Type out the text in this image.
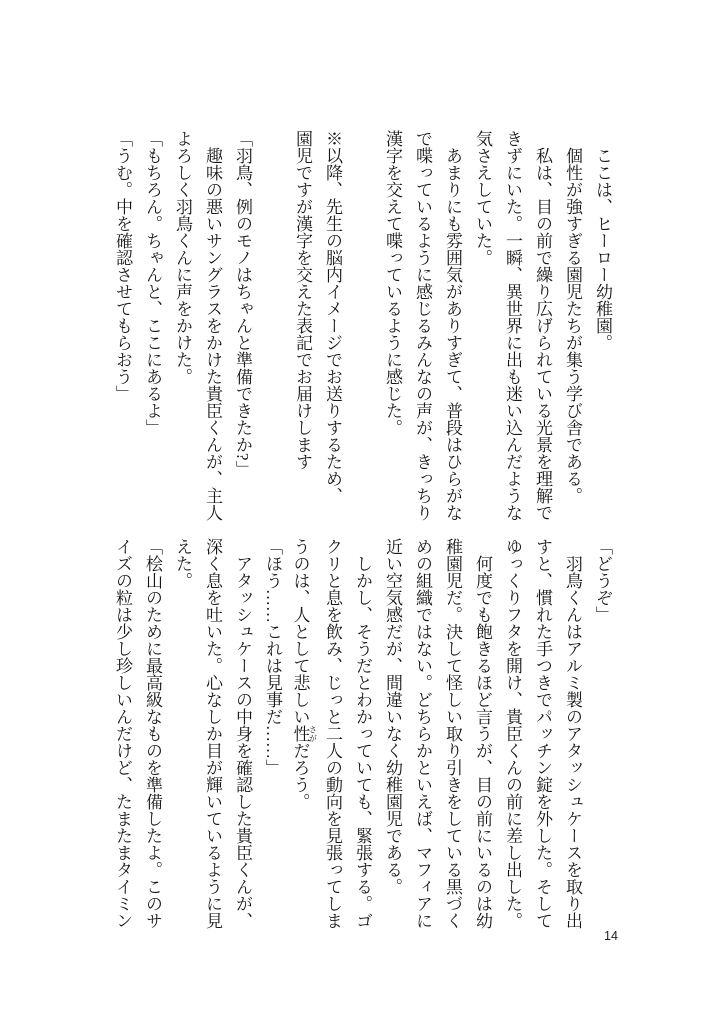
　ここは、ヒーロー幼稚園。
　個性が強すぎる園児たちが集う学び舎である。
　私は、目の前で繰り広げられている光景を理解で
きずにいた。一瞬、異世界に出も迷い込んだような
気さえしていた。
　あまりにも雰囲気がありすぎて、普段はひらがな
で喋っているように感じるみんなの声が、きっちり
漢字を交えて喋っているように感じた。
※以降、先生の脳内イメージでお送りするため、
園児ですが漢字を交えた表記でお届けします
「羽鳥、例のモノはちゃんと準備できたか?」
　趣味の悪いサングラスをかけた貴臣くんが、主人
よろしく羽鳥くんに声をかけた。
「もちろん。ちゃんと、ここにあるよ」
「うむ。中を確認させてもらおう」
「どうぞ」
　羽鳥くんはアルミ製のアタッシュケースを取り出
すと、慣れた手つきでパッチン錠を外した。そして
ゆっくりフタを開け、貴臣くんの前に差し出した。
　何度でも飽きるほど言うが、目の前にいるのは幼
稚園児だ。決して怪しい取り引きをしている黒づく
めの組織ではない。どちらかといえば、マフィアに
近い空気感だが、間違いなく幼稚園児である。
　しかし、そうだとわかっていても、緊張する。ゴ
クリと息を飲み、じっと二人の動向を見張ってしま
うのは、人として悲しい性 さがだろう。
「ほう……これは見事だ……」
　アタッシュケースの中身を確認した貴臣くんが、
深く息を吐いた。心なしか目が輝いているように見
えた。
「桧山のために最高級なものを準備したよ。このサ
イズの粒は少し珍しいんだけど、たまたまタイミン
14
